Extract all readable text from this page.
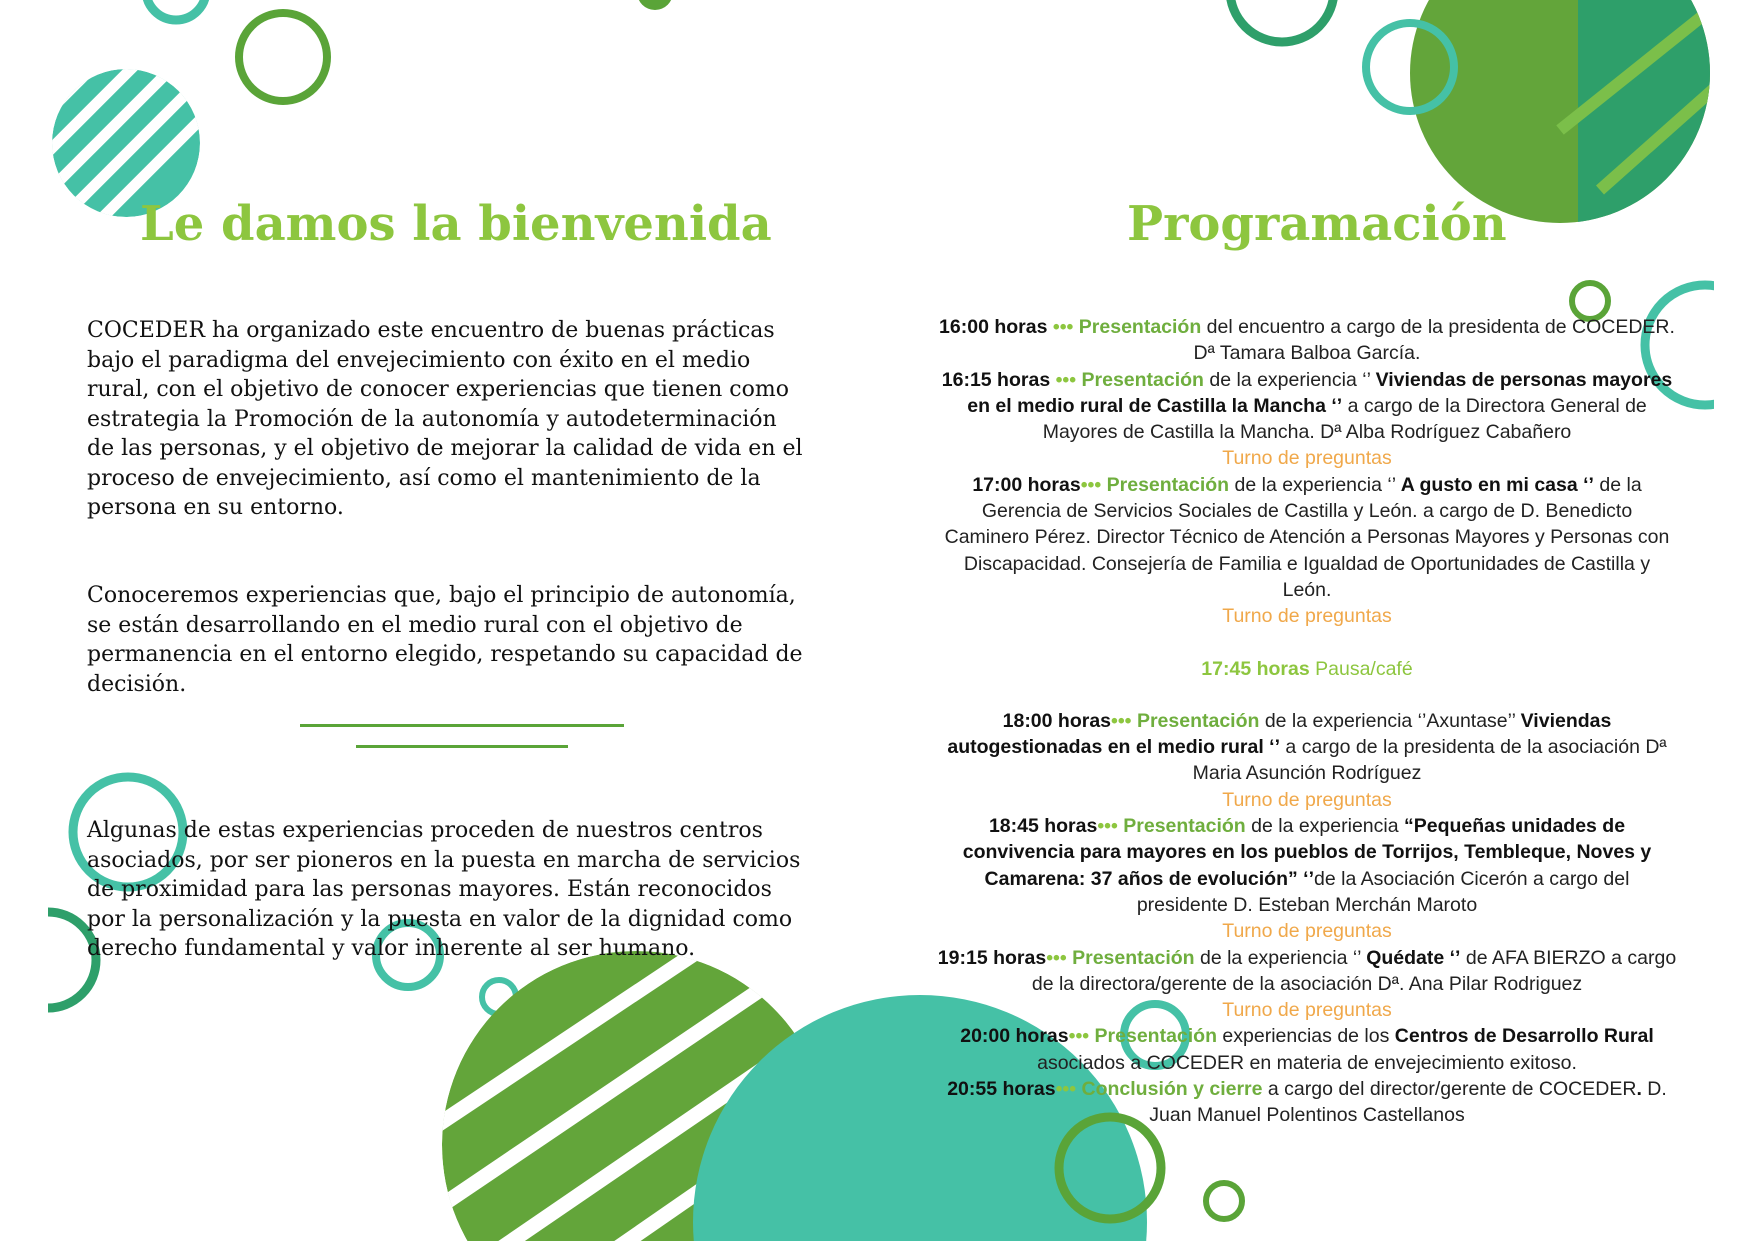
Le damos la bienvenida

COCEDER ha organizado este encuentro de buenas prácticas bajo el paradigma del envejecimiento con éxito en el medio rural, con el objetivo de conocer experiencias que tienen como estrategia la Promoción de la autonomía y autodeterminación de las personas, y el objetivo de mejorar la calidad de vida en el proceso de envejecimiento, así como el mantenimiento de la persona en su entorno.

Conoceremos experiencias que, bajo el principio de autonomía, se están desarrollando en el medio rural con el objetivo de permanencia en el entorno elegido, respetando su capacidad de decisión.

Algunas de estas experiencias proceden de nuestros centros asociados, por ser pioneros en la puesta en marcha de servicios de proximidad para las personas mayores. Están reconocidos por la personalización y la puesta en valor de la dignidad como derecho fundamental y valor inherente al ser humano.

Programación

16:00 horas ••• Presentación del encuentro a cargo de la presidenta de COCEDER. Dª Tamara Balboa García.

16:15 horas ••• Presentación de la experiencia ‘’ Viviendas de personas mayores en el medio rural de Castilla la Mancha ‘’ a cargo de la Directora General de Mayores de Castilla la Mancha. Dª Alba Rodríguez Cabañero

Turno de preguntas

17:00 horas••• Presentación de la experiencia ‘’ A gusto en mi casa ‘’ de la Gerencia de Servicios Sociales de Castilla y León. a cargo de D. Benedicto Caminero Pérez. Director Técnico de Atención a Personas Mayores y Personas con Discapacidad. Consejería de Familia e Igualdad de Oportunidades de Castilla y León.

Turno de preguntas

17:45 horas Pausa/café

18:00 horas••• Presentación de la experiencia ‘’Axuntase’’ Viviendas autogestionadas en el medio rural ‘’ a cargo de la presidenta de la asociación Dª Maria Asunción Rodríguez

Turno de preguntas

18:45 horas••• Presentación de la experiencia “Pequeñas unidades de convivencia para mayores en los pueblos de Torrijos, Tembleque, Noves y Camarena: 37 años de evolución” ‘’de la Asociación Cicerón a cargo del presidente D. Esteban Merchán Maroto

Turno de preguntas

19:15 horas••• Presentación de la experiencia ‘’ Quédate ‘’ de AFA BIERZO a cargo de la directora/gerente de la asociación Dª. Ana Pilar Rodriguez

Turno de preguntas

20:00 horas••• Presentación experiencias de los Centros de Desarrollo Rural asociados a COCEDER en materia de envejecimiento exitoso.

20:55 horas••• Conclusión y cierre a cargo del director/gerente de COCEDER. D. Juan Manuel Polentinos Castellanos
